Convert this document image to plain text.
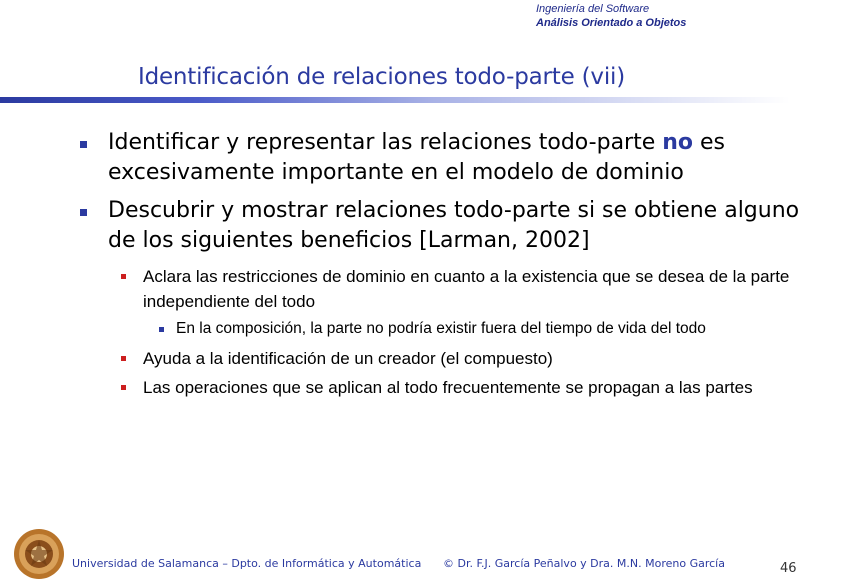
Ingeniería del Software
Análisis Orientado a Objetos
Identificación de relaciones todo-parte (vii)
Identificar y representar las relaciones todo-parte no es excesivamente importante en el modelo de dominio
Descubrir y mostrar relaciones todo-parte si se obtiene alguno de los siguientes beneficios [Larman, 2002]
Aclara las restricciones de dominio en cuanto a la existencia que se desea de la parte independiente del todo
En la composición, la parte no podría existir fuera del tiempo de vida del todo
Ayuda a la identificación de un creador (el compuesto)
Las operaciones que se aplican al todo frecuentemente se propagan a las partes
Universidad de Salamanca – Dpto. de Informática y Automática © Dr. F.J. García Peñalvo y Dra. M.N. Moreno García	46
